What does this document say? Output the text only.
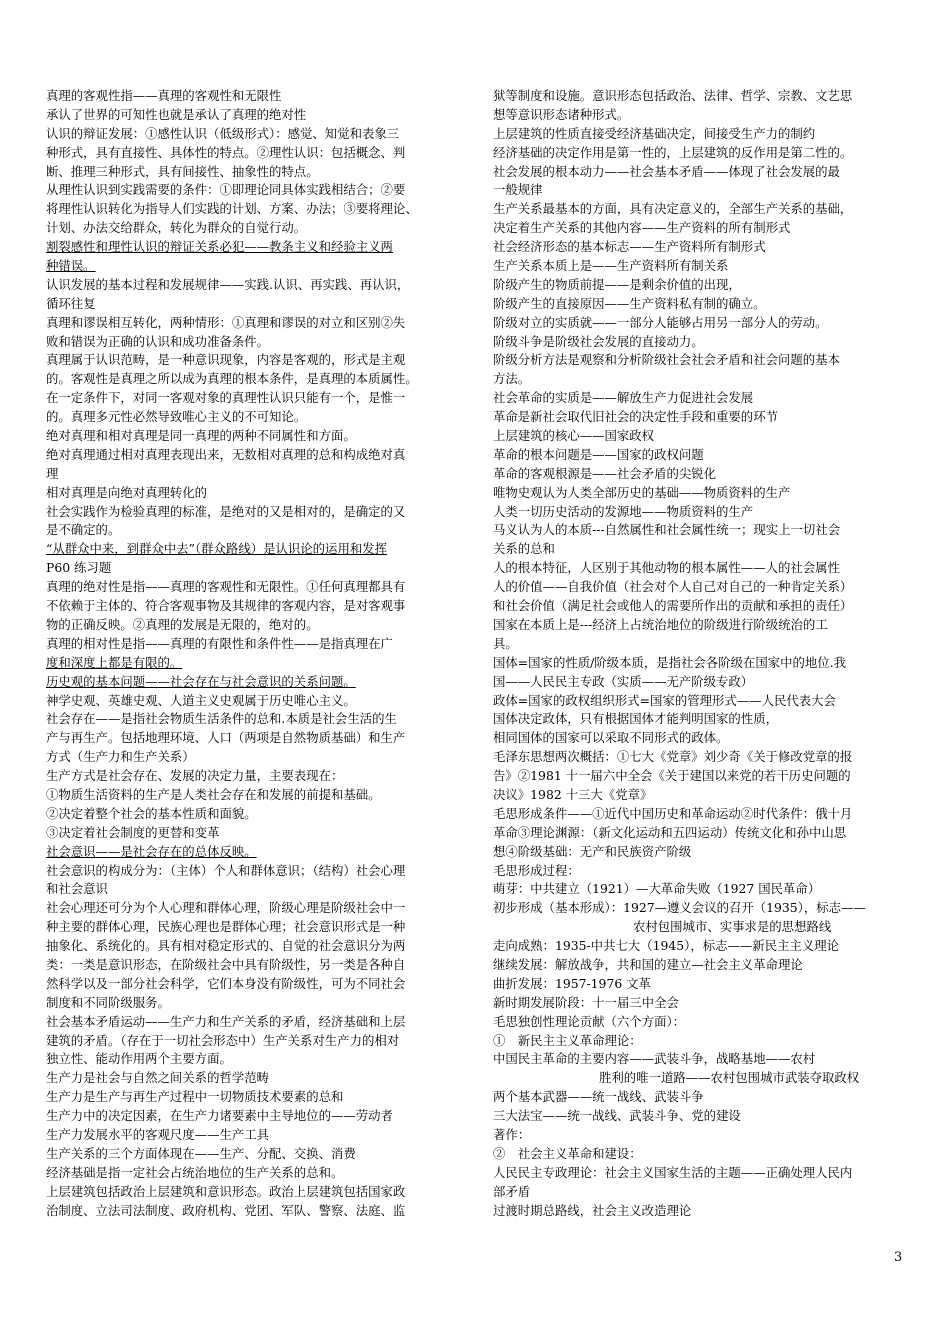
真理的客观性指——真理的客观性和无限性
承认了世界的可知性也就是承认了真理的绝对性
认识的辩证发展：①感性认识（低级形式）：感觉、知觉和表象三
种形式，具有直接性、具体性的特点。②理性认识：包括概念、判
断、推理三种形式，具有间接性、抽象性的特点。
从理性认识到实践需要的条件：①即理论同具体实践相结合；②要
将理性认识转化为指导人们实践的计划、方案、办法；③要将理论、
计划、办法交给群众，转化为群众的自觉行动。
割裂感性和理性认识的辩证关系必犯——教条主义和经验主义两
种错误。
认识发展的基本过程和发展规律——实践.认识、再实践、再认识，
循环往复
真理和谬误相互转化，两种情形：①真理和谬误的对立和区别②失
败和错误为正确的认识和成功准备条件。
真理属于认识范畴，是一种意识现象，内容是客观的，形式是主观
的。客观性是真理之所以成为真理的根本条件，是真理的本质属性。
在一定条件下，对同一客观对象的真理性认识只能有一个，是惟一
的。真理多元性必然导致唯心主义的不可知论。
绝对真理和相对真理是同一真理的两种不同属性和方面。
绝对真理通过相对真理表现出来，无数相对真理的总和构成绝对真
理
相对真理是向绝对真理转化的
社会实践作为检验真理的标准，是绝对的又是相对的，是确定的又
是不确定的。
“从群众中来，到群众中去”（群众路线）是认识论的运用和发挥
P60 练习题
真理的绝对性是指——真理的客观性和无限性。①任何真理都具有
不依赖于主体的、符合客观事物及其规律的客观内容，是对客观事
物的正确反映。②真理的发展是无限的，绝对的。
真理的相对性是指——真理的有限性和条件性——是指真理在广
度和深度上都是有限的。
历史观的基本问题——社会存在与社会意识的关系问题。
神学史观、英雄史观、人道主义史观属于历史唯心主义。
社会存在——是指社会物质生活条件的总和.本质是社会生活的生
产与再生产。包括地理环境、人口（两项是自然物质基础）和生产
方式（生产力和生产关系）
生产方式是社会存在、发展的决定力量，主要表现在：
①物质生活资料的生产是人类社会存在和发展的前提和基础。
②决定着整个社会的基本性质和面貌。
③决定着社会制度的更替和变革
社会意识——是社会存在的总体反映。
社会意识的构成分为：（主体）个人和群体意识；（结构）社会心理
和社会意识
社会心理还可分为个人心理和群体心理，阶级心理是阶级社会中一
种主要的群体心理，民族心理也是群体心理；社会意识形式是一种
抽象化、系统化的。具有相对稳定形式的、自觉的社会意识分为两
类：一类是意识形态，在阶级社会中具有阶级性，另一类是各种自
然科学以及一部分社会科学，它们本身没有阶级性，可为不同社会
制度和不同阶级服务。
社会基本矛盾运动——生产力和生产关系的矛盾，经济基础和上层
建筑的矛盾。（存在于一切社会形态中）生产关系对生产力的相对
独立性、能动作用两个主要方面。
生产力是社会与自然之间关系的哲学范畴
生产力是生产与再生产过程中一切物质技术要素的总和
生产力中的决定因素，在生产力诸要素中主导地位的——劳动者
生产力发展水平的客观尺度——生产工具
生产关系的三个方面体现在——生产、分配、交换、消费
经济基础是指一定社会占统治地位的生产关系的总和。
上层建筑包括政治上层建筑和意识形态。政治上层建筑包括国家政
治制度、立法司法制度、政府机构、党团、军队、警察、法庭、监
狱等制度和设施。意识形态包括政治、法律、哲学、宗教、文艺思
想等意识形态诸种形式。
上层建筑的性质直接受经济基础决定，间接受生产力的制约
经济基础的决定作用是第一性的，上层建筑的反作用是第二性的。
社会发展的根本动力——社会基本矛盾——体现了社会发展的最
一般规律
生产关系最基本的方面，具有决定意义的，全部生产关系的基础，
决定着生产关系的其他内容——生产资料的所有制形式
社会经济形态的基本标志——生产资料所有制形式
生产关系本质上是——生产资料所有制关系
阶级产生的物质前提——是剩余价值的出现，
阶级产生的直接原因——生产资料私有制的确立。
阶级对立的实质就——一部分人能够占用另一部分人的劳动。
阶级斗争是阶级社会发展的直接动力。
阶级分析方法是观察和分析阶级社会社会矛盾和社会问题的基本
方法。
社会革命的实质是——解放生产力促进社会发展
革命是新社会取代旧社会的决定性手段和重要的环节
上层建筑的核心——国家政权
革命的根本问题是——国家的政权问题
革命的客观根源是——社会矛盾的尖锐化
唯物史观认为人类全部历史的基础——物质资料的生产
人类一切历史活动的发源地——物质资料的生产
马义认为人的本质---自然属性和社会属性统一；现实上一切社会
关系的总和
人的根本特征，人区别于其他动物的根本属性——人的社会属性
人的价值——自我价值（社会对个人自己对自己的一种肯定关系）
和社会价值（满足社会或他人的需要所作出的贡献和承担的责任）
国家在本质上是---经济上占统治地位的阶级进行阶级统治的工
具。
国体=国家的性质/阶级本质，是指社会各阶级在国家中的地位.我
国——人民民主专政（实质——无产阶级专政）
政体=国家的政权组织形式=国家的管理形式——人民代表大会
国体决定政体，只有根据国体才能判明国家的性质，
相同国体的国家可以采取不同形式的政体。
毛泽东思想两次概括：①七大《党章》刘少奇《关于修改党章的报
告》②1981 十一届六中全会《关于建国以来党的若干历史问题的
决议》1982 十三大《党章》
毛思形成条件——①近代中国历史和革命运动②时代条件：俄十月
革命③理论渊源：（新文化运动和五四运动）传统文化和孙中山思
想④阶级基础：无产和民族资产阶级
毛思形成过程：
萌芽：中共建立（1921）—大革命失败（1927 国民革命）
初步形成（基本形成）：1927—遵义会议的召开（1935），标志——
农村包围城市、实事求是的思想路线
走向成熟：1935-中共七大（1945），标志——新民主主义理论
继续发展：解放战争，共和国的建立—社会主义革命理论
曲折发展：1957-1976 文革
新时期发展阶段：十一届三中全会
毛思独创性理论贡献（六个方面）：
①　新民主主义革命理论：
中国民主革命的主要内容——武装斗争，战略基地——农村
胜利的唯一道路——农村包围城市武装夺取政权
两个基本武器——统一战线、武装斗争
三大法宝——统一战线、武装斗争、党的建设
著作：
②　社会主义革命和建设：
人民民主专政理论：社会主义国家生活的主题——正确处理人民内
部矛盾
过渡时期总路线，社会主义改造理论
3
